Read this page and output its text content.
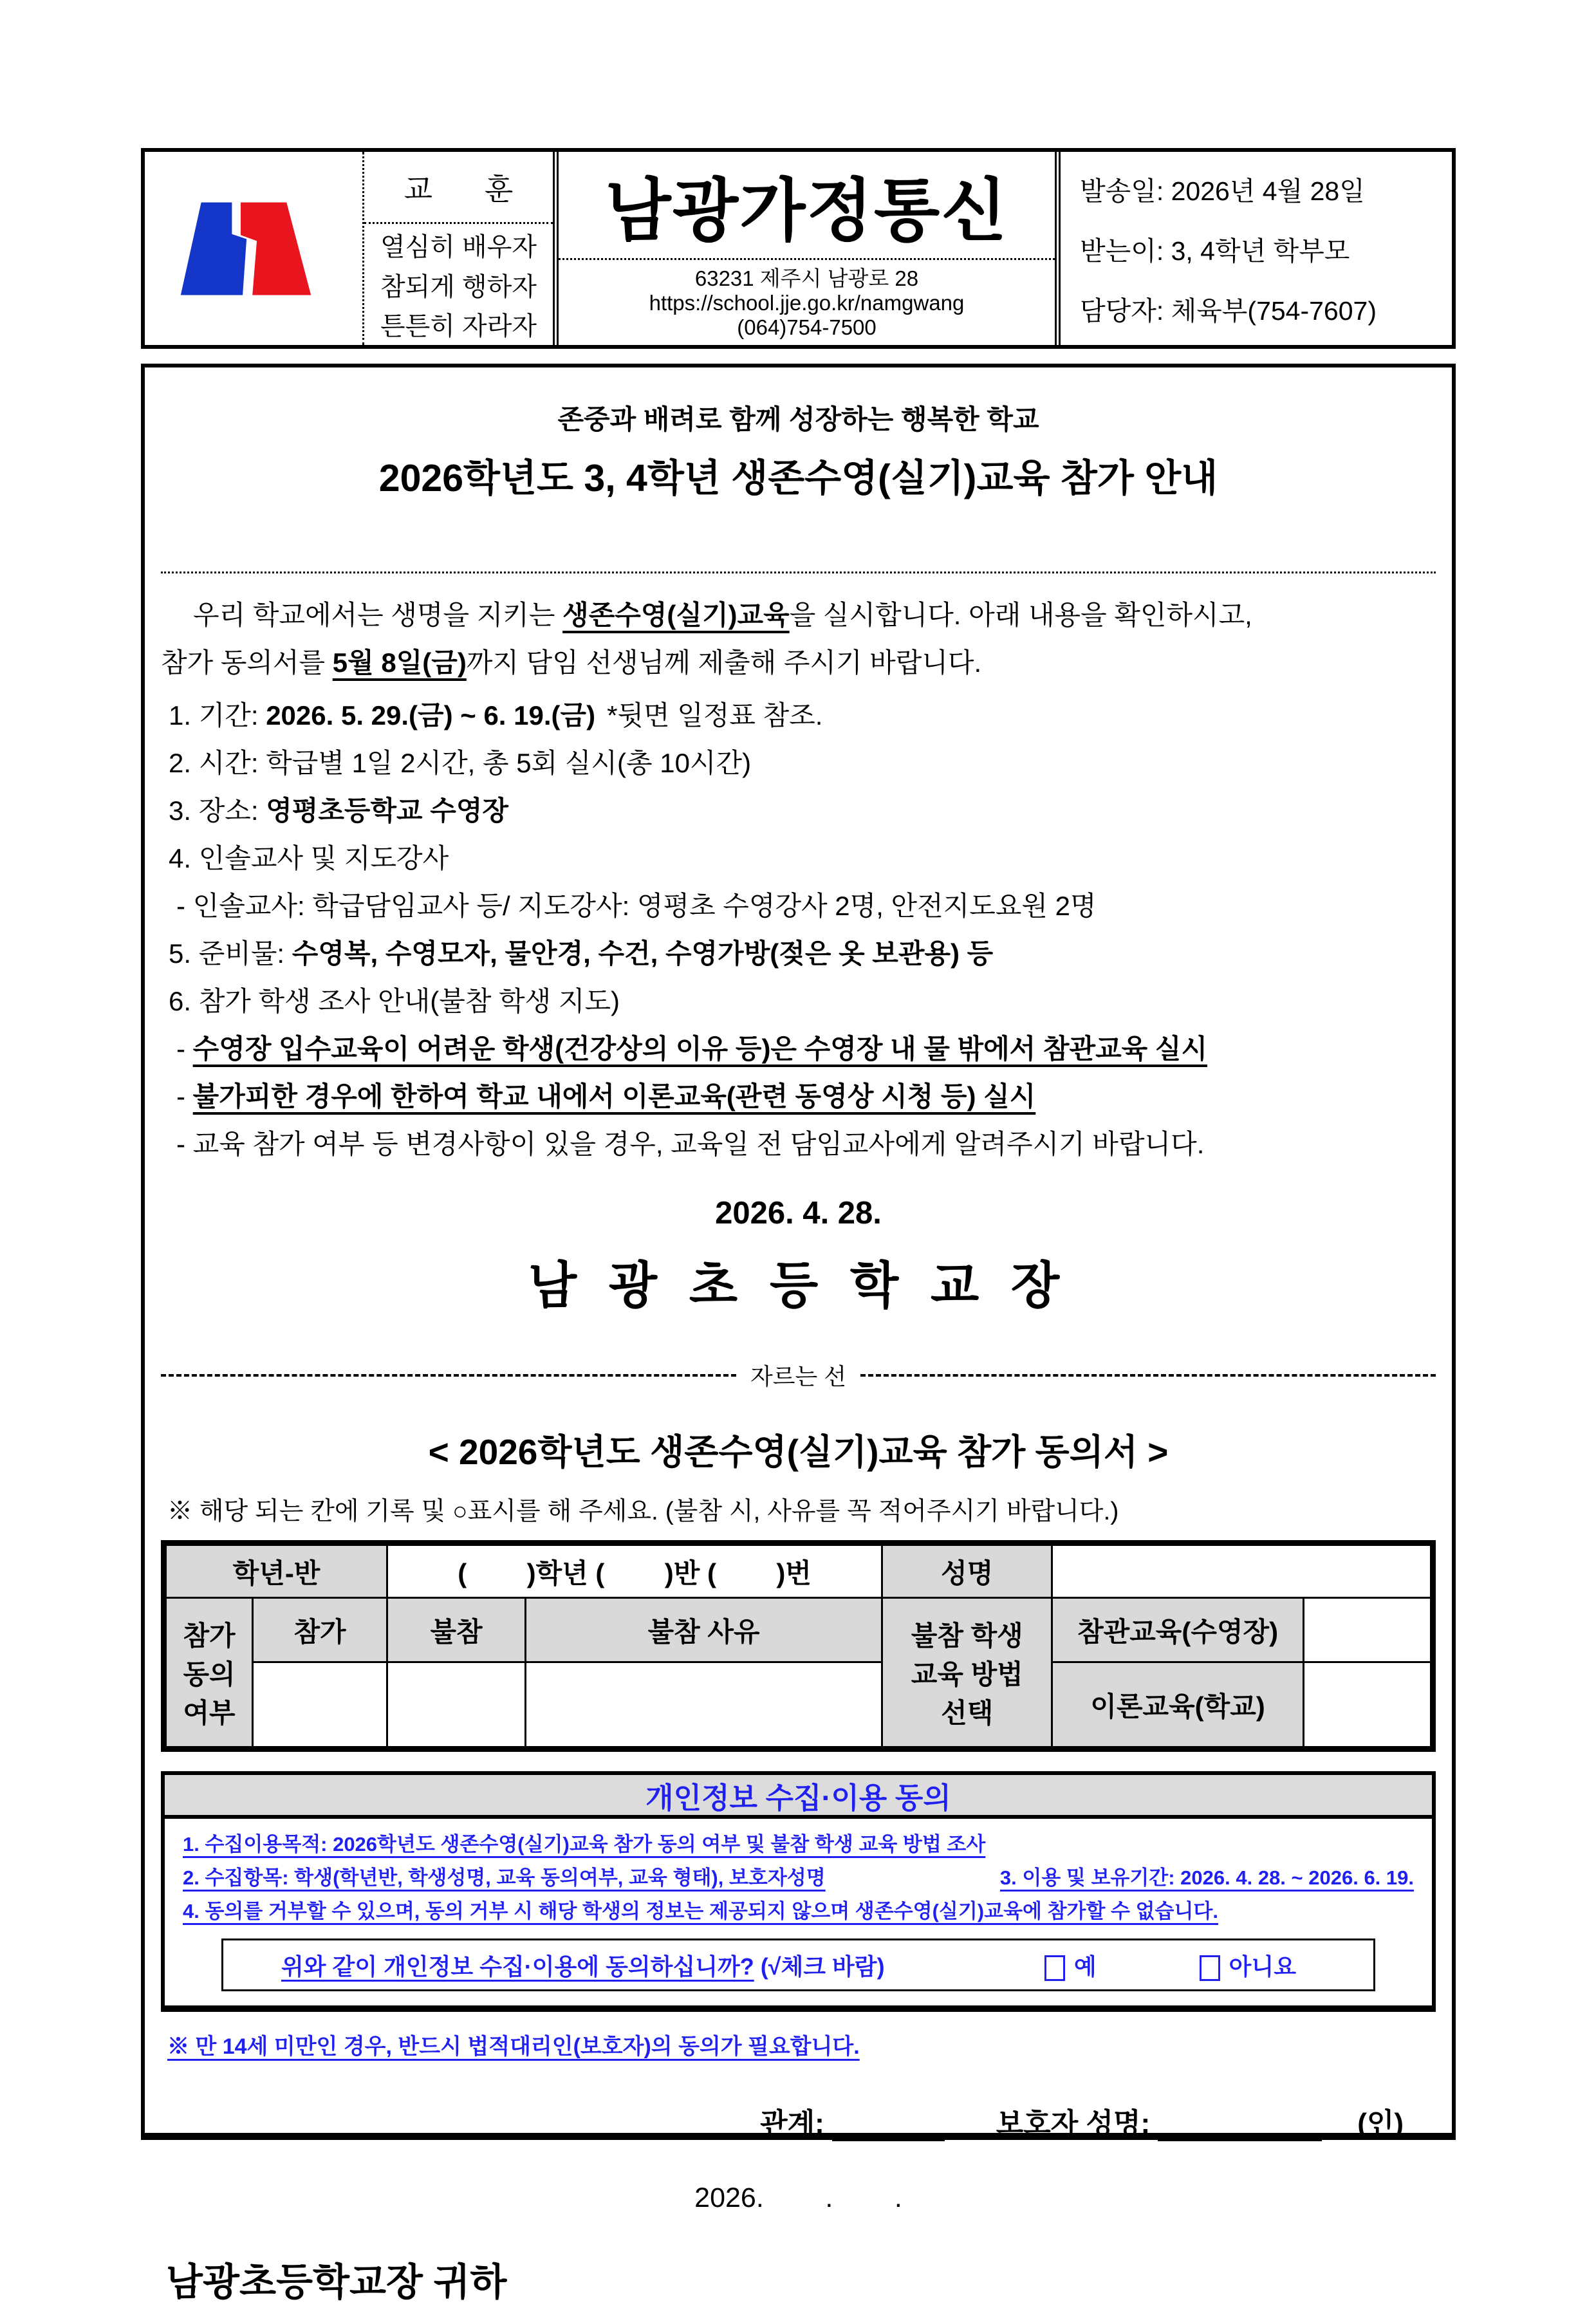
교 훈
열심히 배우자
참되게 행하자
튼튼히 자라자
남광가정통신
63231 제주시 남광로 28
https://school.jje.go.kr/namgwang
(064)754-7500
발송일: 2026년 4월 28일
받는이: 3, 4학년 학부모
담당자: 체육부(754-7607)
존중과 배려로 함께 성장하는 행복한 학교
2026학년도 3, 4학년 생존수영(실기)교육 참가 안내
우리 학교에서는 생명을 지키는 생존수영(실기)교육을 실시합니다. 아래 내용을 확인하시고,
참가 동의서를 5월 8일(금)까지 담임 선생님께 제출해 주시기 바랍니다.
1. 기간: 2026. 5. 29.(금) ~ 6. 19.(금) *뒷면 일정표 참조.
2. 시간: 학급별 1일 2시간, 총 5회 실시(총 10시간)
3. 장소: 영평초등학교 수영장
4. 인솔교사 및 지도강사
- 인솔교사: 학급담임교사 등/ 지도강사: 영평초 수영강사 2명, 안전지도요원 2명
5. 준비물: 수영복, 수영모자, 물안경, 수건, 수영가방(젖은 옷 보관용) 등
6. 참가 학생 조사 안내(불참 학생 지도)
- 수영장 입수교육이 어려운 학생(건강상의 이유 등)은 수영장 내 물 밖에서 참관교육 실시
- 불가피한 경우에 한하여 학교 내에서 이론교육(관련 동영상 시청 등) 실시
- 교육 참가 여부 등 변경사항이 있을 경우, 교육일 전 담임교사에게 알려주시기 바랍니다.
2026. 4. 28.
남 광 초 등 학 교 장
자르는 선
< 2026학년도 생존수영(실기)교육 참가 동의서 >
※ 해당 되는 칸에 기록 및 ○표시를 해 주세요. (불참 시, 사유를 꼭 적어주시기 바랍니다.)
학년-반		(        )학년 (        )반 (        )번		성명		
참가 동의 여부	참가	불참	불참 사유	불참 학생 교육 방법 선택	참관교육(수영장)	
					이론교육(학교)	
개인정보 수집·이용 동의
1. 수집이용목적: 2026학년도 생존수영(실기)교육 참가 동의 여부 및 불참 학생 교육 방법 조사
2. 수집항목: 학생(학년반, 학생성명, 교육 동의여부, 교육 형태), 보호자성명	3. 이용 및 보유기간: 2026. 4. 28. ~ 2026. 6. 19.
4. 동의를 거부할 수 있으며, 동의 거부 시 해당 학생의 정보는 제공되지 않으며 생존수영(실기)교육에 참가할 수 없습니다.
위와 같이 개인정보 수집·이용에 동의하십니까? (√체크 바람)	예	아니요
※ 만 14세 미만인 경우, 반드시 법적대리인(보호자)의 동의가 필요합니다.
관계:	보호자 성명:	(인)
2026.        .        .
남광초등학교장 귀하
